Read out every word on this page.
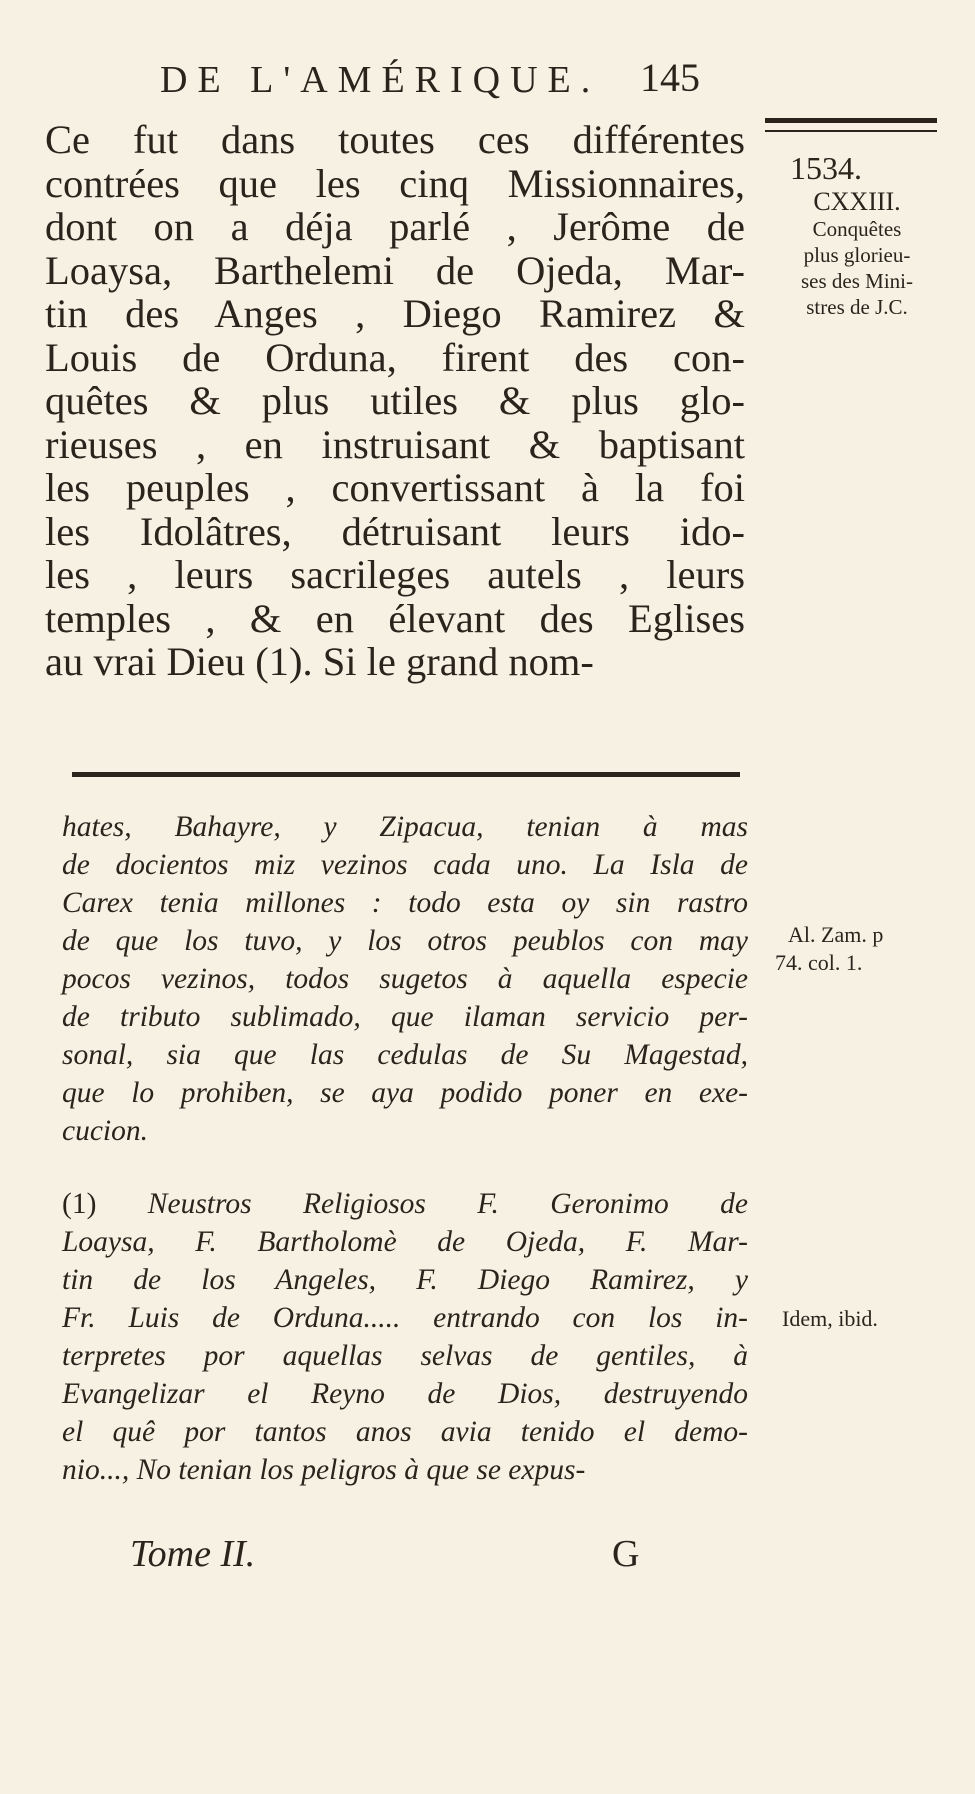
DE L'AMÉRIQUE. 145
Ce fut dans toutes ces différentes
contrées que les cinq Missionnaires,
dont on a déja parlé , Jerôme de
Loaysa, Barthelemi de Ojeda, Mar-
tin des Anges , Diego Ramirez &
Louis de Orduna, firent des con-
quêtes & plus utiles & plus glo-
rieuses , en instruisant & baptisant
les peuples , convertissant à la foi
les Idolâtres, détruisant leurs ido-
les , leurs sacrileges autels , leurs
temples , & en élevant des Eglises
au vrai Dieu (1). Si le grand nom-
1534.
CXXIII.
Conquêtes
plus glorieu-
ses des Mini-
stres de J.C.
hates, Bahayre, y Zipacua, tenian à mas
de docientos miz vezinos cada uno. La Isla de
Carex tenia millones : todo esta oy sin rastro
de que los tuvo, y los otros peublos con may
pocos vezinos, todos sugetos à aquella especie
de tributo sublimado, que ilaman servicio per-
sonal, sia que las cedulas de Su Magestad,
que lo prohiben, se aya podido poner en exe-
cucion.
(1) Neustros Religiosos F. Geronimo de
Loaysa, F. Bartholomè de Ojeda, F. Mar-
tin de los Angeles, F. Diego Ramirez, y
Fr. Luis de Orduna..... entrando con los in-
terpretes por aquellas selvas de gentiles, à
Evangelizar el Reyno de Dios, destruyendo
el quê por tantos anos avia tenido el demo-
nio..., No tenian los peligros à que se expus-
Al. Zam. p
74. col. 1.
Idem, ibid.
Tome II.	G
